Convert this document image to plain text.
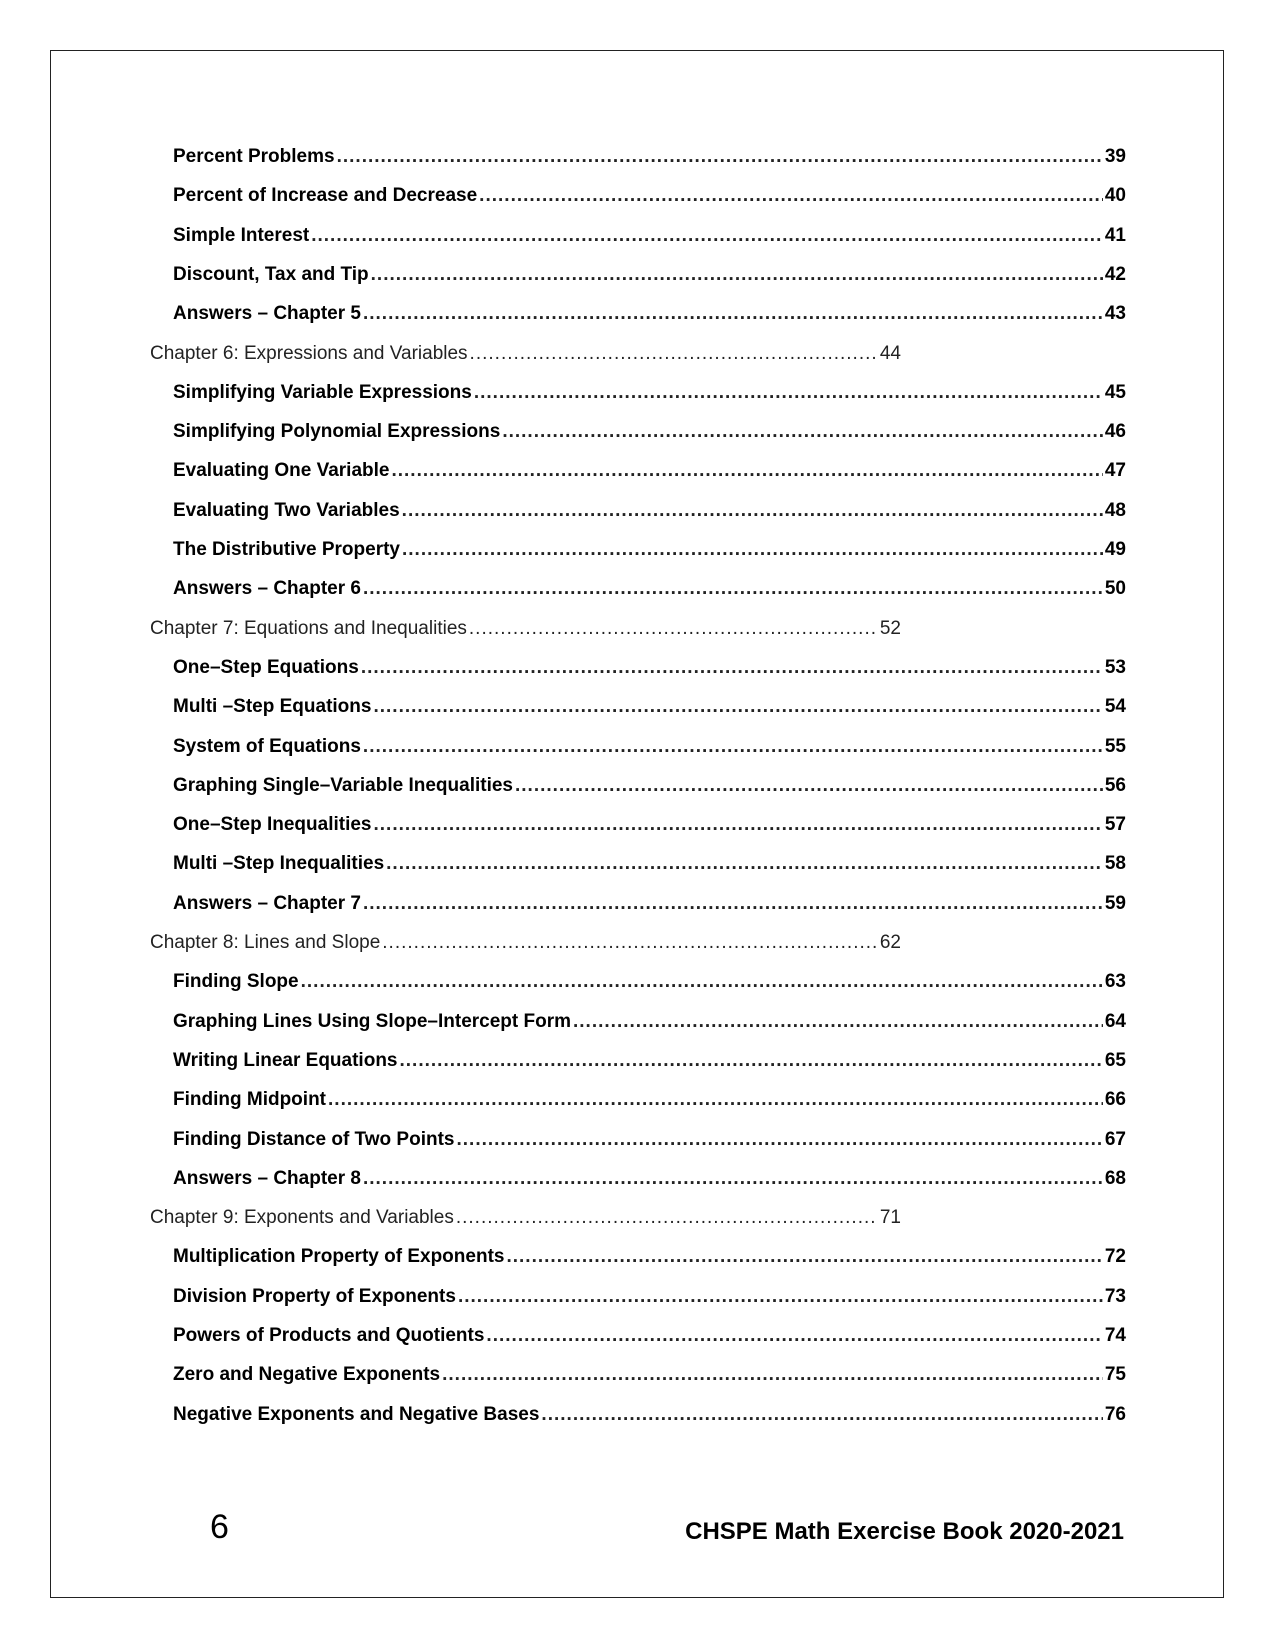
Percent Problems .....	39
Percent of Increase and Decrease .....	40
Simple Interest .....	41
Discount, Tax and Tip .....	42
Answers – Chapter 5 .....	43
Chapter 6: Expressions and Variables .....	44
Simplifying Variable Expressions .....	45
Simplifying Polynomial Expressions .....	46
Evaluating One Variable .....	47
Evaluating Two Variables .....	48
The Distributive Property .....	49
Answers – Chapter 6 .....	50
Chapter 7: Equations and Inequalities .....	52
One–Step Equations .....	53
Multi –Step Equations .....	54
System of Equations .....	55
Graphing Single–Variable Inequalities .....	56
One–Step Inequalities .....	57
Multi –Step Inequalities .....	58
Answers – Chapter 7 .....	59
Chapter 8: Lines and Slope .....	62
Finding Slope .....	63
Graphing Lines Using Slope–Intercept Form .....	64
Writing Linear Equations .....	65
Finding Midpoint .....	66
Finding Distance of Two Points .....	67
Answers – Chapter 8 .....	68
Chapter 9: Exponents and Variables .....	71
Multiplication Property of Exponents .....	72
Division Property of Exponents .....	73
Powers of Products and Quotients .....	74
Zero and Negative Exponents .....	75
Negative Exponents and Negative Bases .....	76
6	CHSPE Math Exercise Book 2020-2021
